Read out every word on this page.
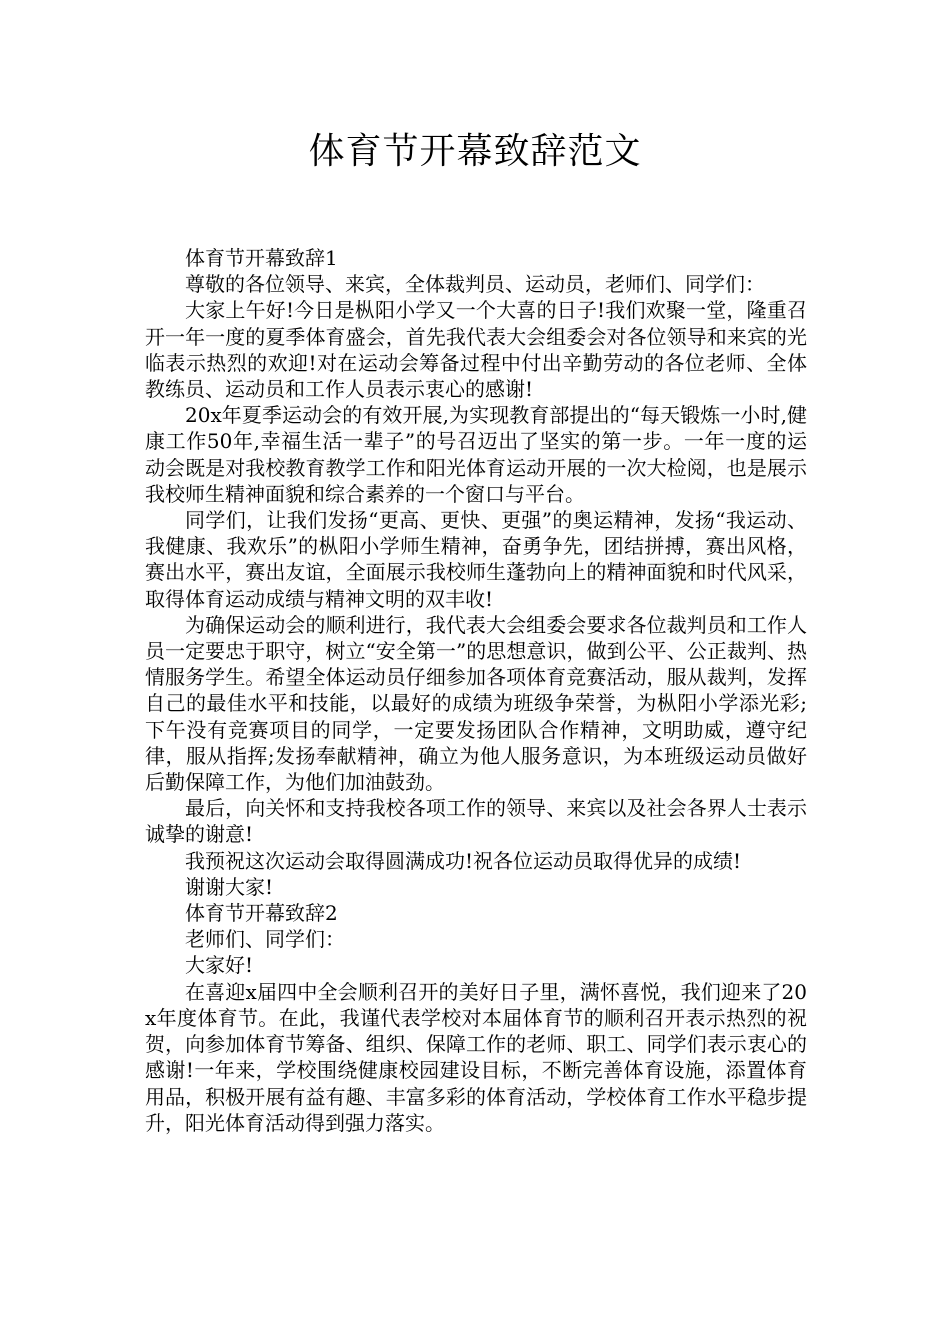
体育节开幕致辞范文

体育节开幕致辞1

尊敬的各位领导、来宾，全体裁判员、运动员，老师们、同学们：

大家上午好!今日是枞阳小学又一个大喜的日子!我们欢聚一堂，隆重召开一年一度的夏季体育盛会，首先我代表大会组委会对各位领导和来宾的光临表示热烈的欢迎!对在运动会筹备过程中付出辛勤劳动的各位老师、全体教练员、运动员和工作人员表示衷心的感谢!

20x年夏季运动会的有效开展,为实现教育部提出的“每天锻炼一小时,健康工作50年,幸福生活一辈子”的号召迈出了坚实的第一步。一年一度的运动会既是对我校教育教学工作和阳光体育运动开展的一次大检阅，也是展示我校师生精神面貌和综合素养的一个窗口与平台。

同学们，让我们发扬“更高、更快、更强”的奥运精神，发扬“我运动、我健康、我欢乐”的枞阳小学师生精神，奋勇争先，团结拼搏，赛出风格，赛出水平，赛出友谊，全面展示我校师生蓬勃向上的精神面貌和时代风采，取得体育运动成绩与精神文明的双丰收!

为确保运动会的顺利进行，我代表大会组委会要求各位裁判员和工作人员一定要忠于职守，树立“安全第一”的思想意识，做到公平、公正裁判、热情服务学生。希望全体运动员仔细参加各项体育竞赛活动，服从裁判，发挥自己的最佳水平和技能，以最好的成绩为班级争荣誉，为枞阳小学添光彩;下午没有竞赛项目的同学，一定要发扬团队合作精神，文明助威，遵守纪律，服从指挥;发扬奉献精神，确立为他人服务意识，为本班级运动员做好后勤保障工作，为他们加油鼓劲。

最后，向关怀和支持我校各项工作的领导、来宾以及社会各界人士表示诚挚的谢意!

我预祝这次运动会取得圆满成功!祝各位运动员取得优异的成绩!

谢谢大家!

体育节开幕致辞2

老师们、同学们：

大家好!

在喜迎x届四中全会顺利召开的美好日子里，满怀喜悦，我们迎来了20x年度体育节。在此，我谨代表学校对本届体育节的顺利召开表示热烈的祝贺，向参加体育节筹备、组织、保障工作的老师、职工、同学们表示衷心的感谢!一年来，学校围绕健康校园建设目标，不断完善体育设施，添置体育用品，积极开展有益有趣、丰富多彩的体育活动，学校体育工作水平稳步提升，阳光体育活动得到强力落实。
